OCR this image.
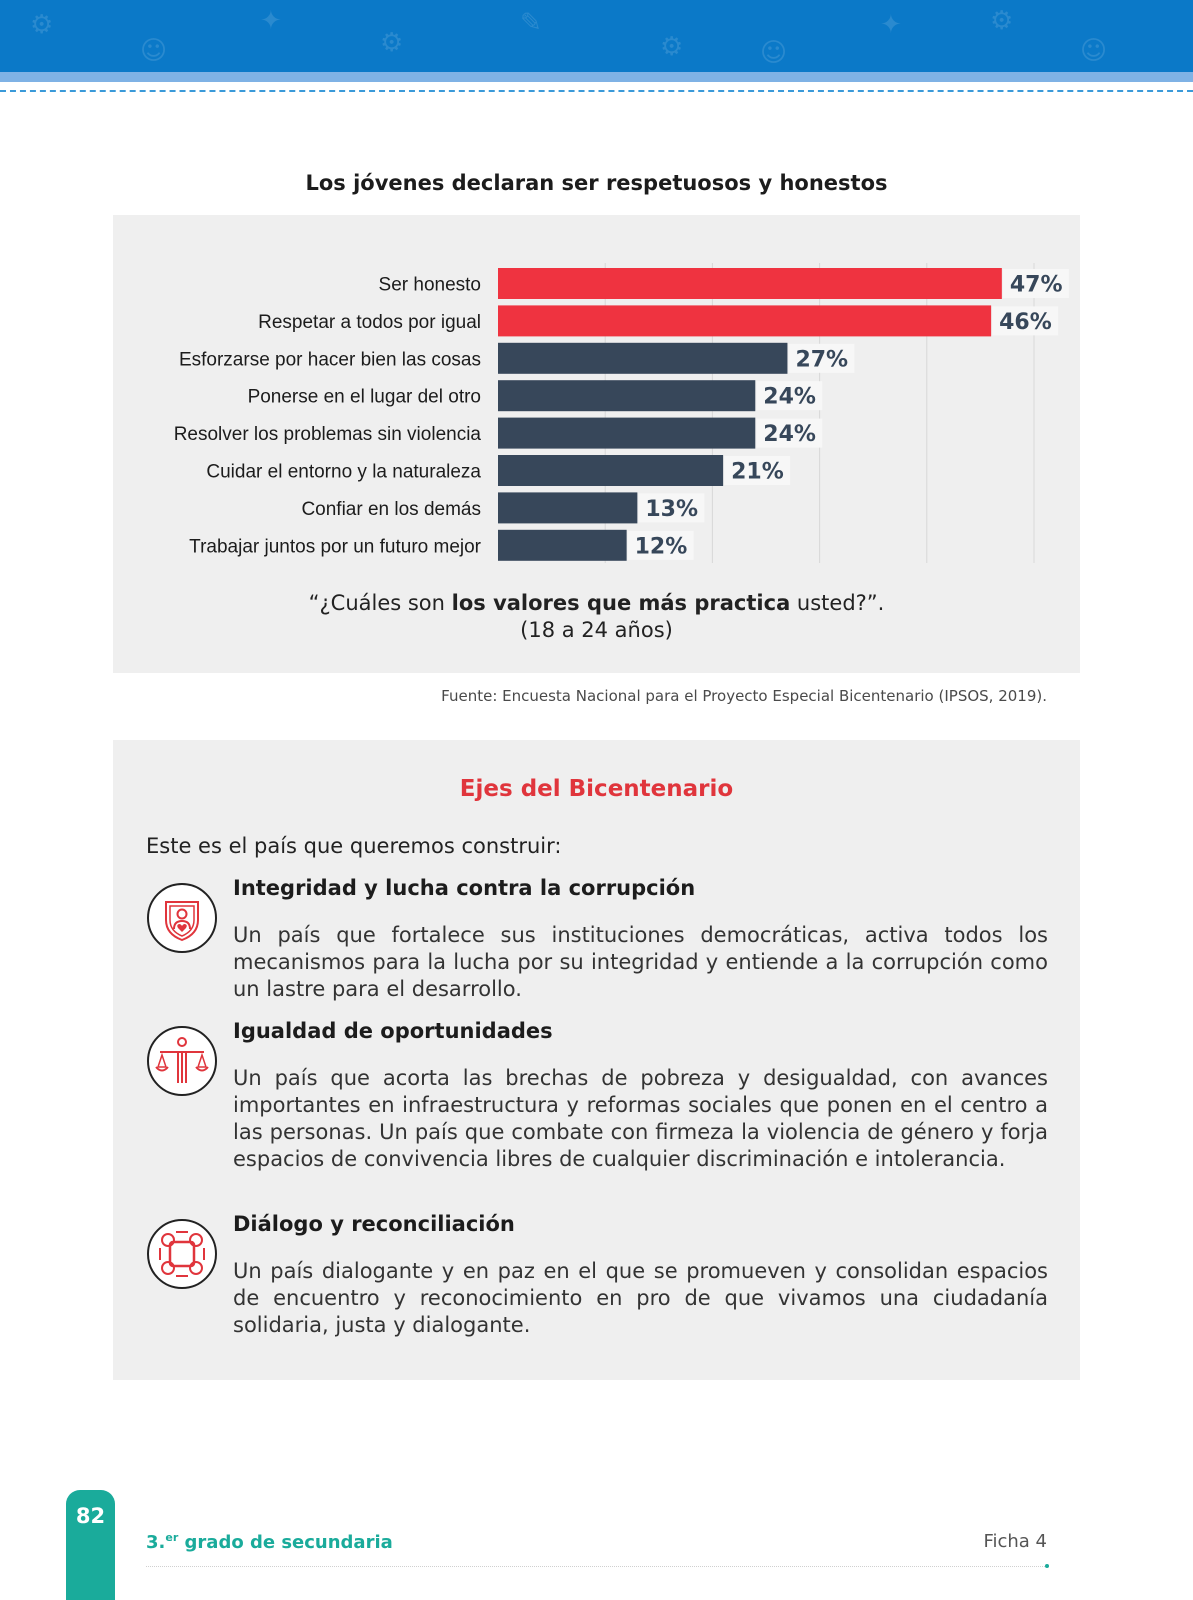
⚙
☺
✦
⚙
✎
⚙	☺
✦	⚙
☺
Los jóvenes declaran ser respetuosos y honestos
Ser honesto	47%
Respetar a todos por igual	46%
Esforzarse por hacer bien las cosas	27%
Ponerse en el lugar del otro	24%
Resolver los problemas sin violencia	24%
Cuidar el entorno y la naturaleza	21%
Confiar en los demás	13%
Trabajar juntos por un futuro mejor	12%
“¿Cuáles son los valores que más practica usted?”.
(18 a 24 años)
Fuente: Encuesta Nacional para el Proyecto Especial Bicentenario (IPSOS, 2019).
Ejes del Bicentenario
Este es el país que queremos construir:
Integridad y lucha contra la corrupción
Un país que fortalece sus instituciones democráticas, activa todos los mecanismos para la lucha por su integridad y entiende a la corrupción como un lastre para el desarrollo.
Igualdad de oportunidades
Un país que acorta las brechas de pobreza y desigualdad, con avances importantes en infraestructura y reformas sociales que ponen en el centro a las personas. Un país que combate con firmeza la violencia de género y forja espacios de convivencia libres de cualquier discriminación e intolerancia.
Diálogo y reconciliación
Un país dialogante y en paz en el que se promueven y consolidan espacios de encuentro y reconocimiento en pro de que vivamos una ciudadanía solidaria, justa y dialogante.
82
3.$^{er}$ grado de secundaria	Ficha 4
